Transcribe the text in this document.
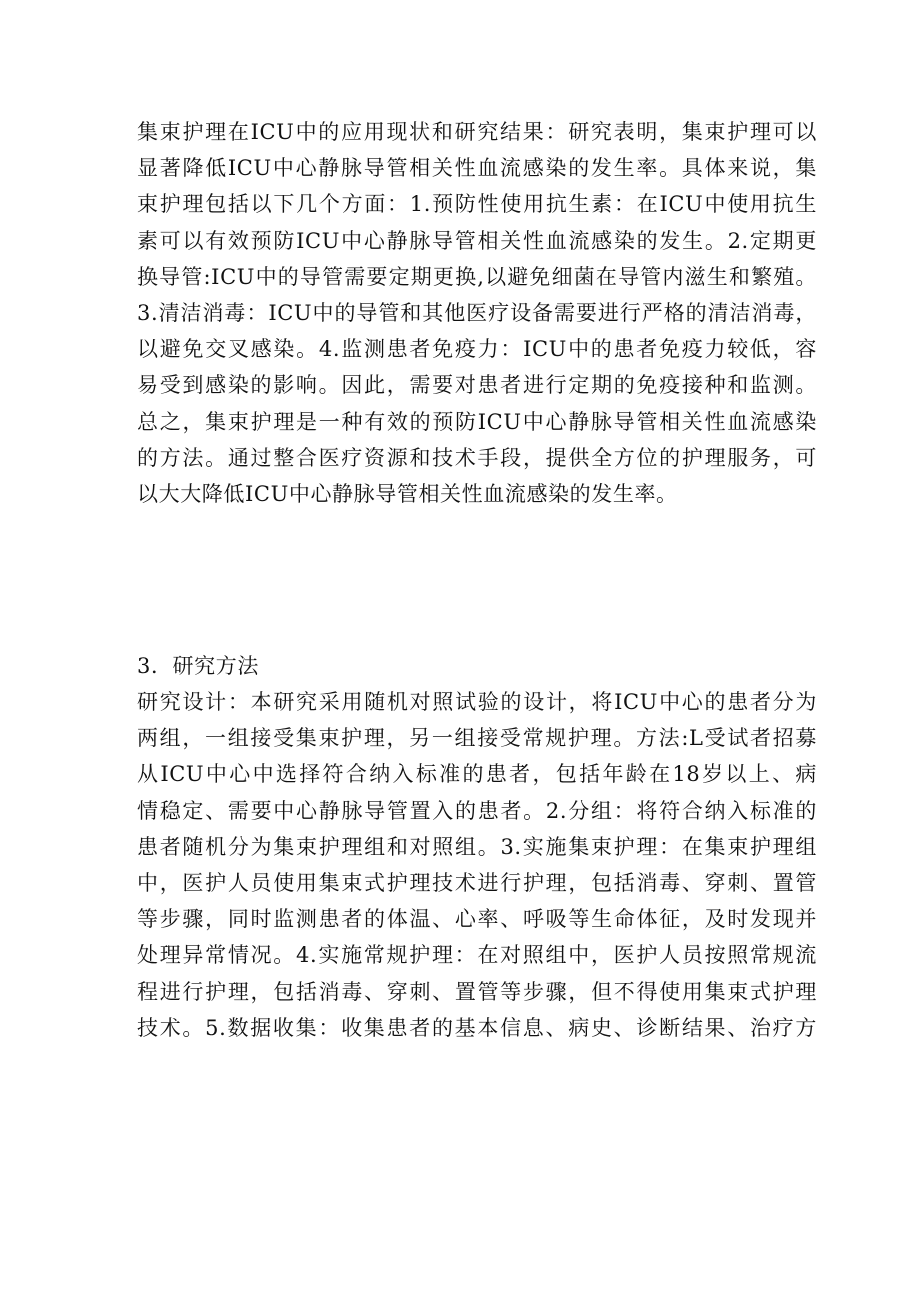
集束护理在ICU中的应用现状和研究结果：研究表明，集束护理可以
显著降低ICU中心静脉导管相关性血流感染的发生率。具体来说，集
束护理包括以下几个方面：1.预防性使用抗生素：在ICU中使用抗生
素可以有效预防ICU中心静脉导管相关性血流感染的发生。2.定期更
换导管:ICU中的导管需要定期更换,以避免细菌在导管内滋生和繁殖。
3.清洁消毒：ICU中的导管和其他医疗设备需要进行严格的清洁消毒，
以避免交叉感染。4.监测患者免疫力：ICU中的患者免疫力较低，容
易受到感染的影响。因此，需要对患者进行定期的免疫接种和监测。
总之，集束护理是一种有效的预防ICU中心静脉导管相关性血流感染
的方法。通过整合医疗资源和技术手段，提供全方位的护理服务，可
以大大降低ICU中心静脉导管相关性血流感染的发生率。
3．研究方法
研究设计：本研究采用随机对照试验的设计，将ICU中心的患者分为
两组，一组接受集束护理，另一组接受常规护理。方法:L受试者招募
从ICU中心中选择符合纳入标准的患者，包括年龄在18岁以上、病
情稳定、需要中心静脉导管置入的患者。2.分组：将符合纳入标准的
患者随机分为集束护理组和对照组。3.实施集束护理：在集束护理组
中，医护人员使用集束式护理技术进行护理，包括消毒、穿刺、置管
等步骤，同时监测患者的体温、心率、呼吸等生命体征，及时发现并
处理异常情况。4.实施常规护理：在对照组中，医护人员按照常规流
程进行护理，包括消毒、穿刺、置管等步骤，但不得使用集束式护理
技术。5.数据收集：收集患者的基本信息、病史、诊断结果、治疗方
